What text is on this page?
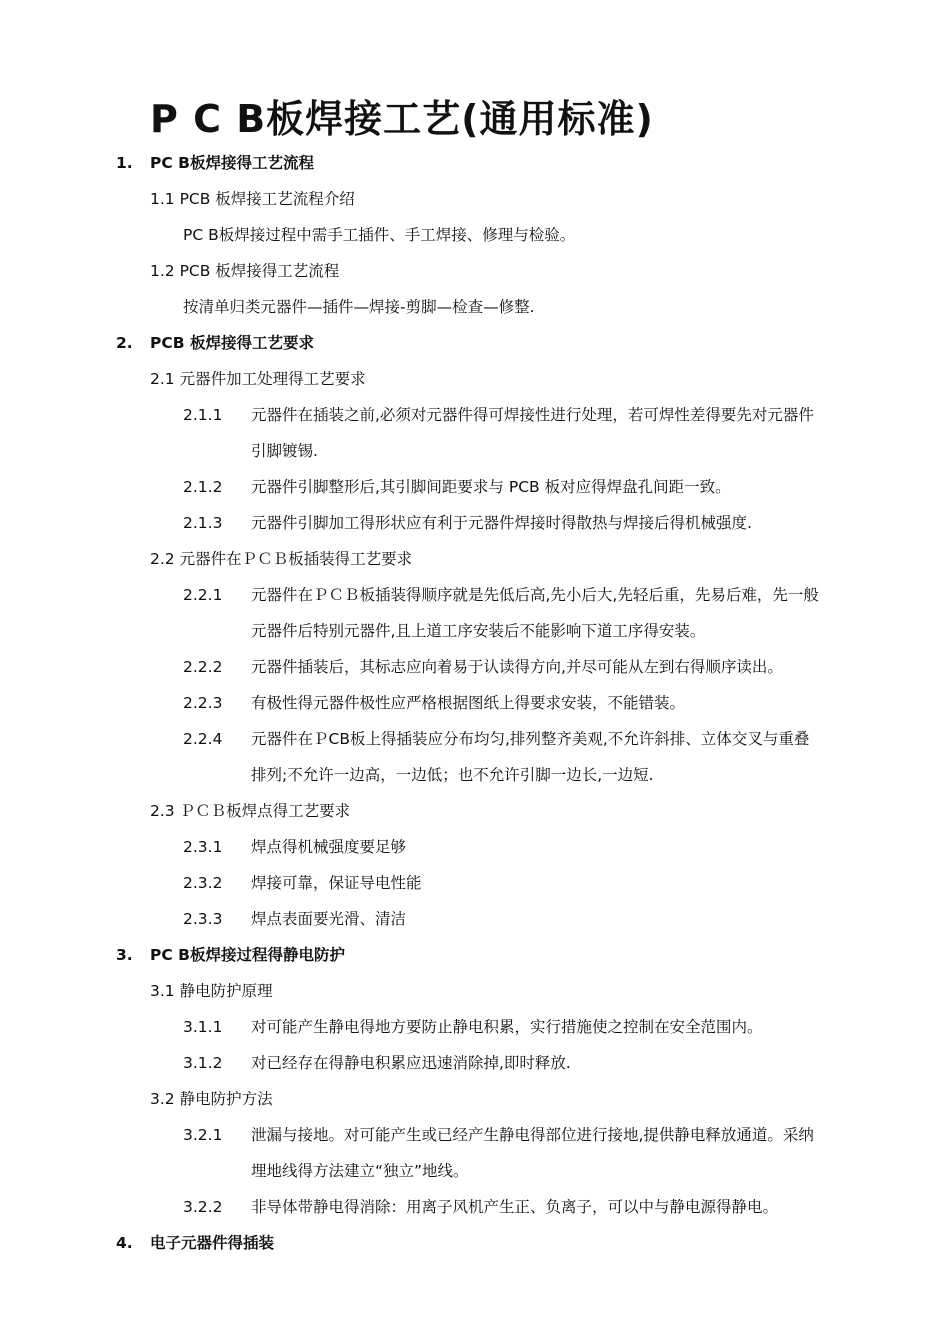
P C B板焊接工艺(通用标准)
1. PC B板焊接得工艺流程
1.1 PCB 板焊接工艺流程介绍
PC B板焊接过程中需手工插件、手工焊接、修理与检验。
1.2 PCB 板焊接得工艺流程
按清单归类元器件—插件—焊接-剪脚—检查—修整.
2. PCB 板焊接得工艺要求
2.1 元器件加工处理得工艺要求
2.1.1 元器件在插装之前,必须对元器件得可焊接性进行处理，若可焊性差得要先对元器件
引脚镀锡.
2.1.2 元器件引脚整形后,其引脚间距要求与 PCB 板对应得焊盘孔间距一致。
2.1.3 元器件引脚加工得形状应有利于元器件焊接时得散热与焊接后得机械强度.
2.2 元器件在ＰＣＢ板插装得工艺要求
2.2.1 元器件在ＰＣＢ板插装得顺序就是先低后高,先小后大,先轻后重，先易后难，先一般
元器件后特别元器件,且上道工序安装后不能影响下道工序得安装。
2.2.2 元器件插装后，其标志应向着易于认读得方向,并尽可能从左到右得顺序读出。
2.2.3 有极性得元器件极性应严格根据图纸上得要求安装，不能错装。
2.2.4 元器件在ＰCB板上得插装应分布均匀,排列整齐美观,不允许斜排、立体交叉与重叠
排列;不允许一边高，一边低；也不允许引脚一边长,一边短.
2.3 ＰＣＢ板焊点得工艺要求
2.3.1 焊点得机械强度要足够
2.3.2 焊接可靠，保证导电性能
2.3.3 焊点表面要光滑、清洁
3. PC B板焊接过程得静电防护
3.1 静电防护原理
3.1.1 对可能产生静电得地方要防止静电积累，实行措施使之控制在安全范围内。
3.1.2 对已经存在得静电积累应迅速消除掉,即时释放.
3.2 静电防护方法
3.2.1 泄漏与接地。对可能产生或已经产生静电得部位进行接地,提供静电释放通道。采纳
埋地线得方法建立“独立”地线。
3.2.2 非导体带静电得消除：用离子风机产生正、负离子，可以中与静电源得静电。
4. 电子元器件得插装
